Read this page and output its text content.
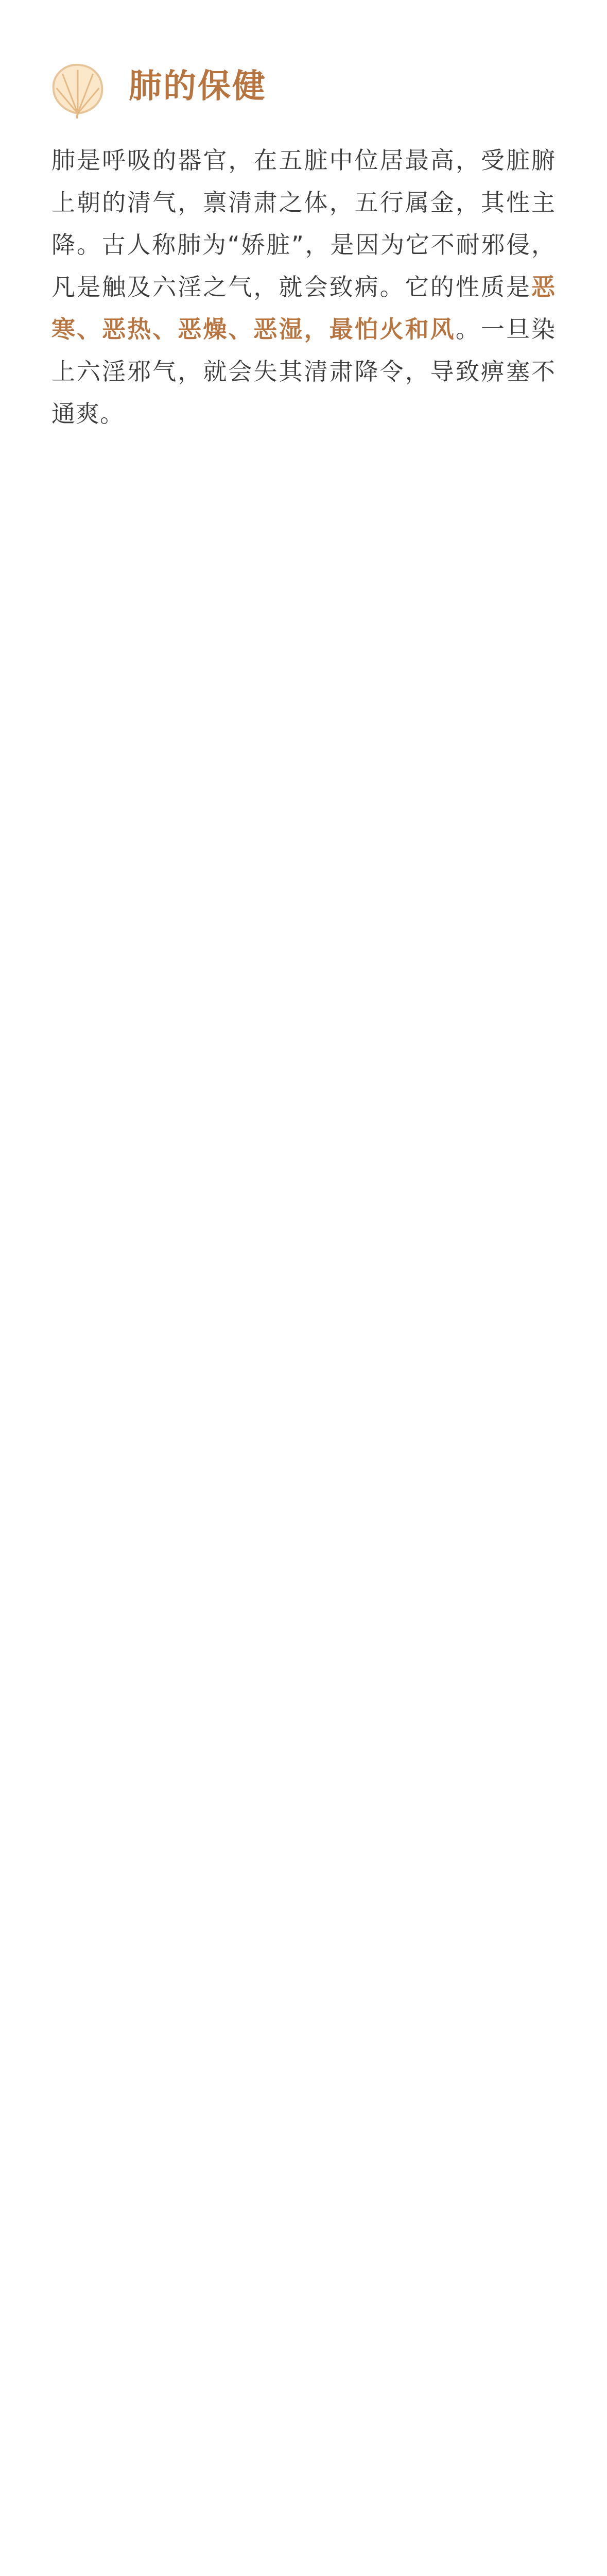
肺的保健

肺是呼吸的器官，在五脏中位居最高，受脏腑上朝的清气，禀清肃之体，五行属金，其性主降。古人称肺为“娇脏”，是因为它不耐邪侵，凡是触及六淫之气，就会致病。它的性质是恶寒、恶热、恶燥、恶湿，最怕火和风。一旦染上六淫邪气，就会失其清肃降令，导致痹塞不通爽。
